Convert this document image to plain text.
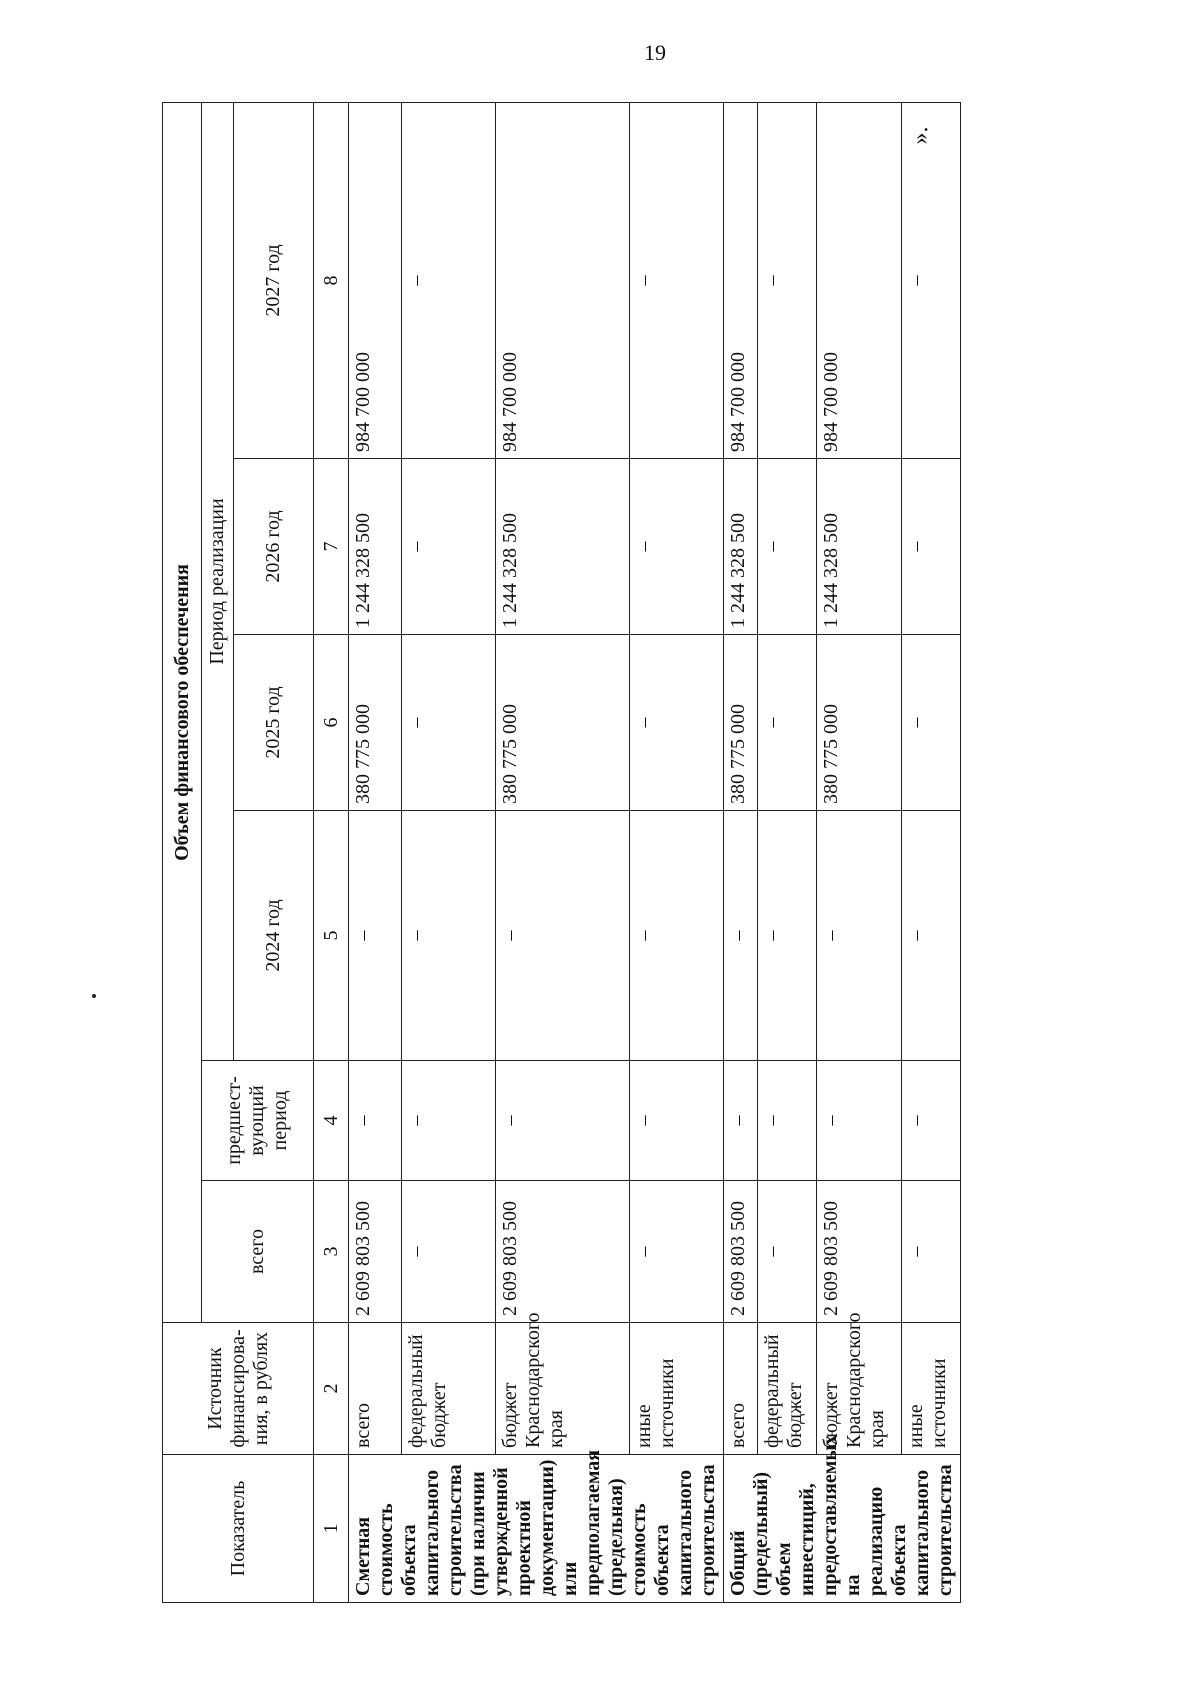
19
».
Показатель	Источник финансирова-ния, в рублях	Объем финансового обеспечения					
		всего	предшест-вующий период	Период реализации			
				2024 год	2025 год	2026 год	2027 год
1	2	3	4	5	6	7	8
Сметная стоимость объекта капитального строительства (при наличии утвержденной проектной документации) или предполагаемая (предельная) стоимость объекта капитального строительства	всего	2 609 803 500	–	–	380 775 000	1 244 328 500	984 700 000
	федеральный бюджет	–	–	–	–	–	–
	бюджет Краснодарского края	2 609 803 500	–	–	380 775 000	1 244 328 500	984 700 000
	иные источники	–	–	–	–	–	–
Общий (предельный) объем инвестиций, предоставляемых на реализацию объекта капитального строительства	всего	2 609 803 500	–	–	380 775 000	1 244 328 500	984 700 000
	федеральный бюджет	–	–	–	–	–	–
	бюджет Краснодарского края	2 609 803 500	–	–	380 775 000	1 244 328 500	984 700 000
	иные источники	–	–	–	–	–	–
